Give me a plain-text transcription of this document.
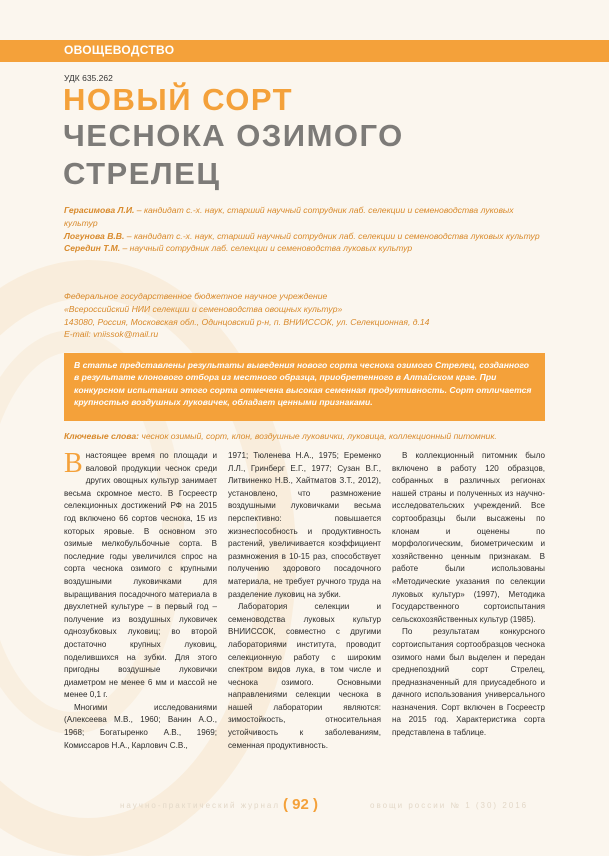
ОВОЩЕВОДСТВО
УДК 635.262
НОВЫЙ СОРТ
ЧЕСНОКА ОЗИМОГО СТРЕЛЕЦ
Герасимова Л.И. – кандидат с.-х. наук, старший научный сотрудник лаб. селекции и семеноводства луковых культур
Логунова В.В. – кандидат с.-х. наук, старший научный сотрудник лаб. селекции и семеноводства луковых культур
Середин Т.М. – научный сотрудник лаб. селекции и семеноводства луковых культур
Федеральное государственное бюджетное научное учреждение
«Всероссийский НИИ селекции и семеноводства овощных культур»
143080, Россия, Московская обл., Одинцовский р-н, п. ВНИИССОК, ул. Селекционная, д.14
E-mail: vniissok@mail.ru
В статье представлены результаты выведения нового сорта чеснока озимого Стрелец, созданного в результате клонового отбора из местного образца, приобретенного в Алтайском крае. При конкурсном испытании этого сорта отмечена высокая семенная продуктивность. Сорт отличается крупностью воздушных луковичек, обладает ценными признаками.
Ключевые слова: чеснок озимый, сорт, клон, воздушные луковички, луковица, коллекционный питомник.

В настоящее время по площади и валовой продукции чеснок среди других овощных культур занимает весьма скромное место. В Госреестр селекционных достижений РФ на 2015 год включено 66 сортов чеснока, 15 из которых яровые. В основном это озимые мелкобульбочные сорта. В последние годы увеличился спрос на сорта чеснока озимого с крупными воздушными луковичками для выращивания посадочного материала в двухлетней культуре – в первый год – получение из воздушных луковичек однозубковых луковиц; во второй достаточно крупных луковиц, поделившихся на зубки. Для этого пригодны воздушные луковички диаметром не менее 6 мм и массой не менее 0,1 г.

Многими исследованиями (Алексеева М.В., 1960; Ванин А.О., 1968; Богатыренко А.В., 1969; Комиссаров Н.А., Карлович С.В.,

1971; Тюленева Н.А., 1975; Еременко Л.Л., Гринберг Е.Г., 1977; Сузан В.Г., Литвиненко Н.В., Хайтматов З.Т., 2012), установлено, что размножение воздушными луковичками весьма перспективно: повышается жизнеспособность и продуктивность растений, увеличивается коэффициент размножения в 10-15 раз, способствует получению здорового посадочного материала, не требует ручного труда на разделение луковиц на зубки.

Лаборатория селекции и семеноводства луковых культур ВНИИССОК, совместно с другими лабораториями института, проводит селекционную работу с широким спектром видов лука, в том числе и чеснока озимого. Основными направлениями селекции чеснока в нашей лаборатории являются: зимостойкость, относительная устойчивость к заболеваниям, семенная продуктивность.

В коллекционный питомник было включено в работу 120 образцов, собранных в различных регионах нашей страны и полученных из научно-исследовательских учреждений. Все сортообразцы были высажены по клонам и оценены по морфологическим, биометрическим и хозяйственно ценным признакам. В работе были использованы «Методические указания по селекции луковых культур» (1997), Методика Государственного сортоиспытания сельскохозяйственных культур (1985).

По результатам конкурсного сортоиспытания сортообразцов чеснока озимого нами был выделен и передан среднепоздний сорт Стрелец, предназначенный для приусадебного и дачного использования универсального назначения. Сорт включен в Госреестр на 2015 год. Характеристика сорта представлена в таблице.

научно-практический журнал ( 92 )	овощи россии № 1 (30) 2016
